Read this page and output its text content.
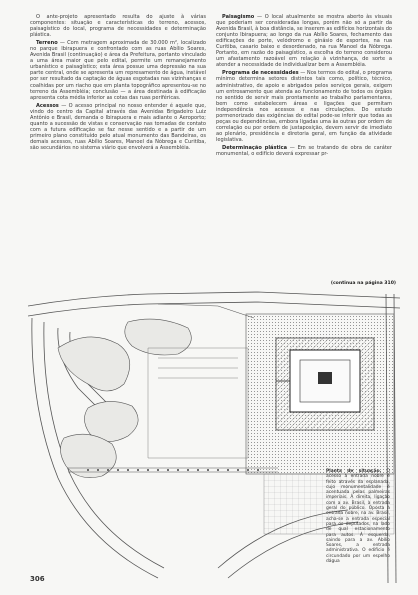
O ante-projeto apresentado resulta do ajuste à várias componentes: situação e características do terreno, acessos, paisagístico do local, programa de necessidades e determinação plástica.

Terreno — Com metragem aproximada de 30.000 m², localizado no parque Ibirapuera e confrontado com as ruas Abílio Soares, Avenida Brasil (continuação) e área da Prefeitura, portanto vinculado a uma área maior que pelo edital, permite um remanejamento urbanístico e paisagístico; esta área possue uma depressão na sua parte central, onde se apresenta um represamento de água, instável por ser resultado da captação de águas esgotadas nas vizinhanças e coalhidas por um riacho que em planta topográfico apresentou-se no terreno da Assembléia; conclusão — a área destinada à edificação apresenta cota média inferior as cotas das ruas periféricas.

Acessos — O acesso principal no nosso entender é aquele que, vindo do centro da Capital através das Avenidas Brigadeiro Luiz Antônio e Brasil, demanda o Ibirapuera e mais adiante o Aeroporto; quanto a sucessão de vistas e conservação nas tomadas de contato com a futura edificação se faz nesse sentido e a partir de um primeiro plano constituído pelo atual monumento das Bandeiras, os demais acessos, ruas Abílio Soares, Manoel da Nóbrega e Curitiba, são secundários no sistema viário que envolverá a Assembléia.

Paisagismo — O local atualmente se mostra aberto às visuais que poderiam ser consideradas longas, porém não só a partir da Avenida Brasil, à boa distância, se inserem as edifícios horizontais do conjunto Ibirapuera; ao longo da rua Abílio Soares, fechamento das edificações de porte, velódromo e ginásio de esportes, na rua Curitiba, casario baixo e desordenado, na rua Manoel da Nóbrega. Portanto, em razão do paisagístico, a escolha do terreno considerou um afastamento razoável em relação à vizinhança, de sorte a atender a necessidade de individualizar bem a Assembléia.

Programa de necessidades — Nos termos do edital, o programa mínimo determina setores distintos tais como, político, técnico, administrativo, de apoio e abrigados pelos serviços gerais, exigem um entrosamento que atenda ao funcionamento de todos os órgãos no sentido de servir mais prontamente ao trabalho parlamentares, bem como estabelecem áreas e ligações que permitam independência nos acessos e nas circulações. Do estudo pormenorizado das exigências do edital pode-se inferir que todas as peças ou dependências, embora ligadas uma às outras por ordem de correlação ou por ordem de justaposição, devem servir de imediato ao plenário, presidência e diretoria geral, em função da atividade legislativa.

Determinação plástica — Em se tratando de obra de caráter monumental, o edifício deverá expressar pr-

(continua na página 310)
Planta de situação. O acesso à entrada nobre é feito através da esplanada, cujo monumentalidade é acentuada pelas palmeiras imperiais. À direita, ligação com a av. Brasil, à entrada geral do público. Oposta à entrada nobre, na av. Brasil, acha-se a entrada especial para os deputados, na lado de qual estacionamento para autos. À esquerda, saindo para a av. Abílio Soares, a entrada administrativa. O edifício é circundado por um espelho dágua
306
